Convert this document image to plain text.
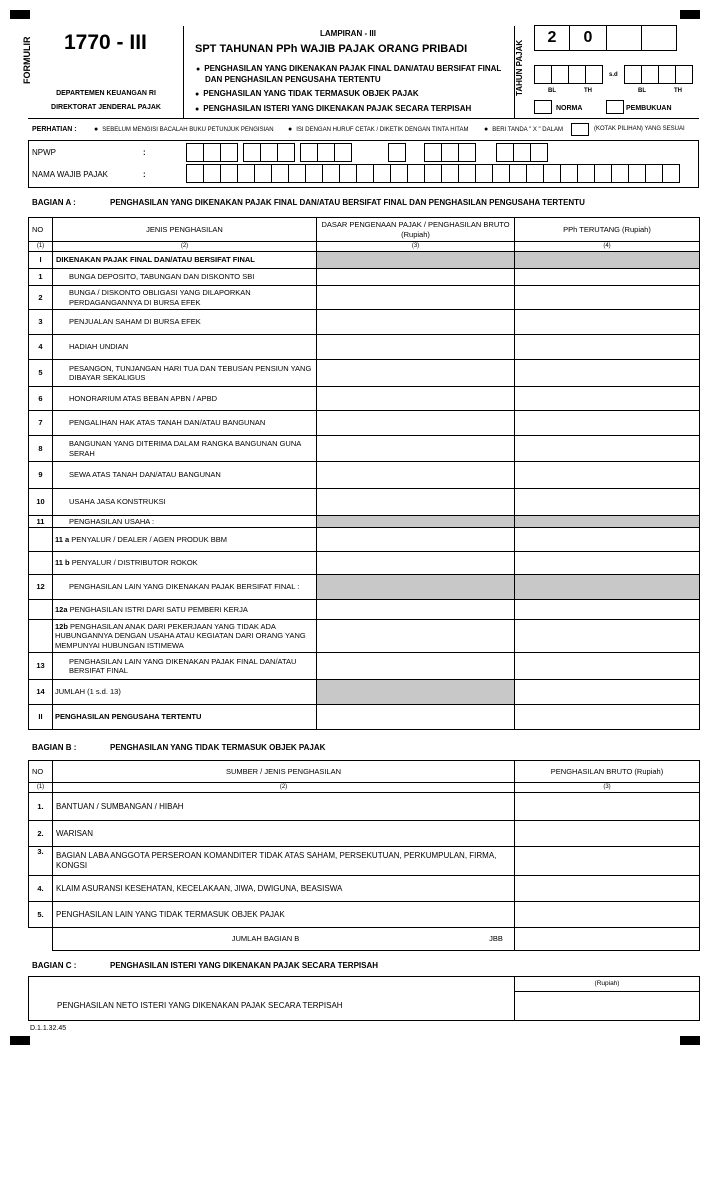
FORMULIR	1770 - III
DEPARTEMEN KEUANGAN RI
DIREKTORAT JENDERAL PAJAK
LAMPIRAN - III
SPT TAHUNAN PPh WAJIB PAJAK ORANG PRIBADI
● PENGHASILAN YANG DIKENAKAN PAJAK FINAL DAN/ATAU BERSIFAT FINAL DAN PENGHASILAN PENGUSAHA TERTENTU
● PENGHASILAN YANG TIDAK TERMASUK OBJEK PAJAK
● PENGHASILAN ISTERI YANG DIKENAKAN PAJAK SECARA TERPISAH
TAHUN PAJAK
2	0
s.d
BL	TH	BL	TH
NORMA	PEMBUKUAN
PERHATIAN : ●	SEBELUM MENGISI BACALAH BUKU PETUNJUK PENGISIAN ●	ISI DENGAN HURUF CETAK / DIKETIK DENGAN TINTA HITAM ●	BERI TANDA " X " DALAM	(KOTAK PILIHAN) YANG SESUAI
NPWP	:
NAMA WAJIB PAJAK	:
BAGIAN A :	PENGHASILAN YANG DIKENAKAN PAJAK FINAL DAN/ATAU BERSIFAT FINAL DAN PENGHASILAN PENGUSAHA TERTENTU
NO	JENIS PENGHASILAN	DASAR PENGENAAN PAJAK / PENGHASILAN BRUTO (Rupiah)	PPh TERUTANG (Rupiah)
(1)	(2)	(3)	(4)
I	DIKENAKAN PAJAK FINAL DAN/ATAU BERSIFAT FINAL		
1	BUNGA DEPOSITO, TABUNGAN DAN DISKONTO SBI		
2	BUNGA / DISKONTO OBLIGASI YANG DILAPORKAN PERDAGANGANNYA DI BURSA EFEK		
3	PENJUALAN SAHAM DI BURSA EFEK		
4	HADIAH UNDIAN		
5	PESANGON, TUNJANGAN HARI TUA DAN TEBUSAN PENSIUN YANG DIBAYAR SEKALIGUS		
6	HONORARIUM ATAS BEBAN APBN / APBD		
7	PENGALIHAN HAK ATAS TANAH DAN/ATAU BANGUNAN		
8	BANGUNAN YANG DITERIMA DALAM RANGKA BANGUNAN GUNA SERAH		
9	SEWA ATAS TANAH DAN/ATAU BANGUNAN		
10	USAHA JASA KONSTRUKSI		
11	PENGHASILAN USAHA :		
	11 a PENYALUR / DEALER / AGEN PRODUK BBM		
	11 b PENYALUR / DISTRIBUTOR ROKOK		
12	PENGHASILAN LAIN YANG DIKENAKAN PAJAK BERSIFAT FINAL :		
	12a PENGHASILAN ISTRI DARI SATU PEMBERI KERJA		
	12b PENGHASILAN ANAK DARI PEKERJAAN YANG TIDAK ADA HUBUNGANNYA DENGAN USAHA ATAU KEGIATAN DARI ORANG YANG MEMPUNYAI HUBUNGAN ISTIMEWA		
13	PENGHASILAN LAIN YANG DIKENAKAN PAJAK FINAL DAN/ATAU BERSIFAT FINAL		
14	JUMLAH (1 s.d. 13)		
II	PENGHASILAN PENGUSAHA TERTENTU		
BAGIAN B :	PENGHASILAN YANG TIDAK TERMASUK OBJEK PAJAK
NO	SUMBER / JENIS PENGHASILAN	PENGHASILAN BRUTO (Rupiah)
(1)	(2)	(3)
1.	BANTUAN / SUMBANGAN / HIBAH	
2.	WARISAN	
3.	BAGIAN LABA ANGGOTA PERSEROAN KOMANDITER TIDAK ATAS SAHAM, PERSEKUTUAN, PERKUMPULAN, FIRMA, KONGSI	
4.	KLAIM ASURANSI KESEHATAN, KECELAKAAN, JIWA, DWIGUNA, BEASISWA	
5.	PENGHASILAN LAIN YANG TIDAK TERMASUK OBJEK PAJAK	

	JUMLAH BAGIAN B JBB	

BAGIAN C :	PENGHASILAN ISTERI YANG DIKENAKAN PAJAK SECARA TERPISAH
	(Rupiah)
PENGHASILAN NETO ISTERI YANG DIKENAKAN PAJAK SECARA TERPISAH	
D.1.1.32.45
